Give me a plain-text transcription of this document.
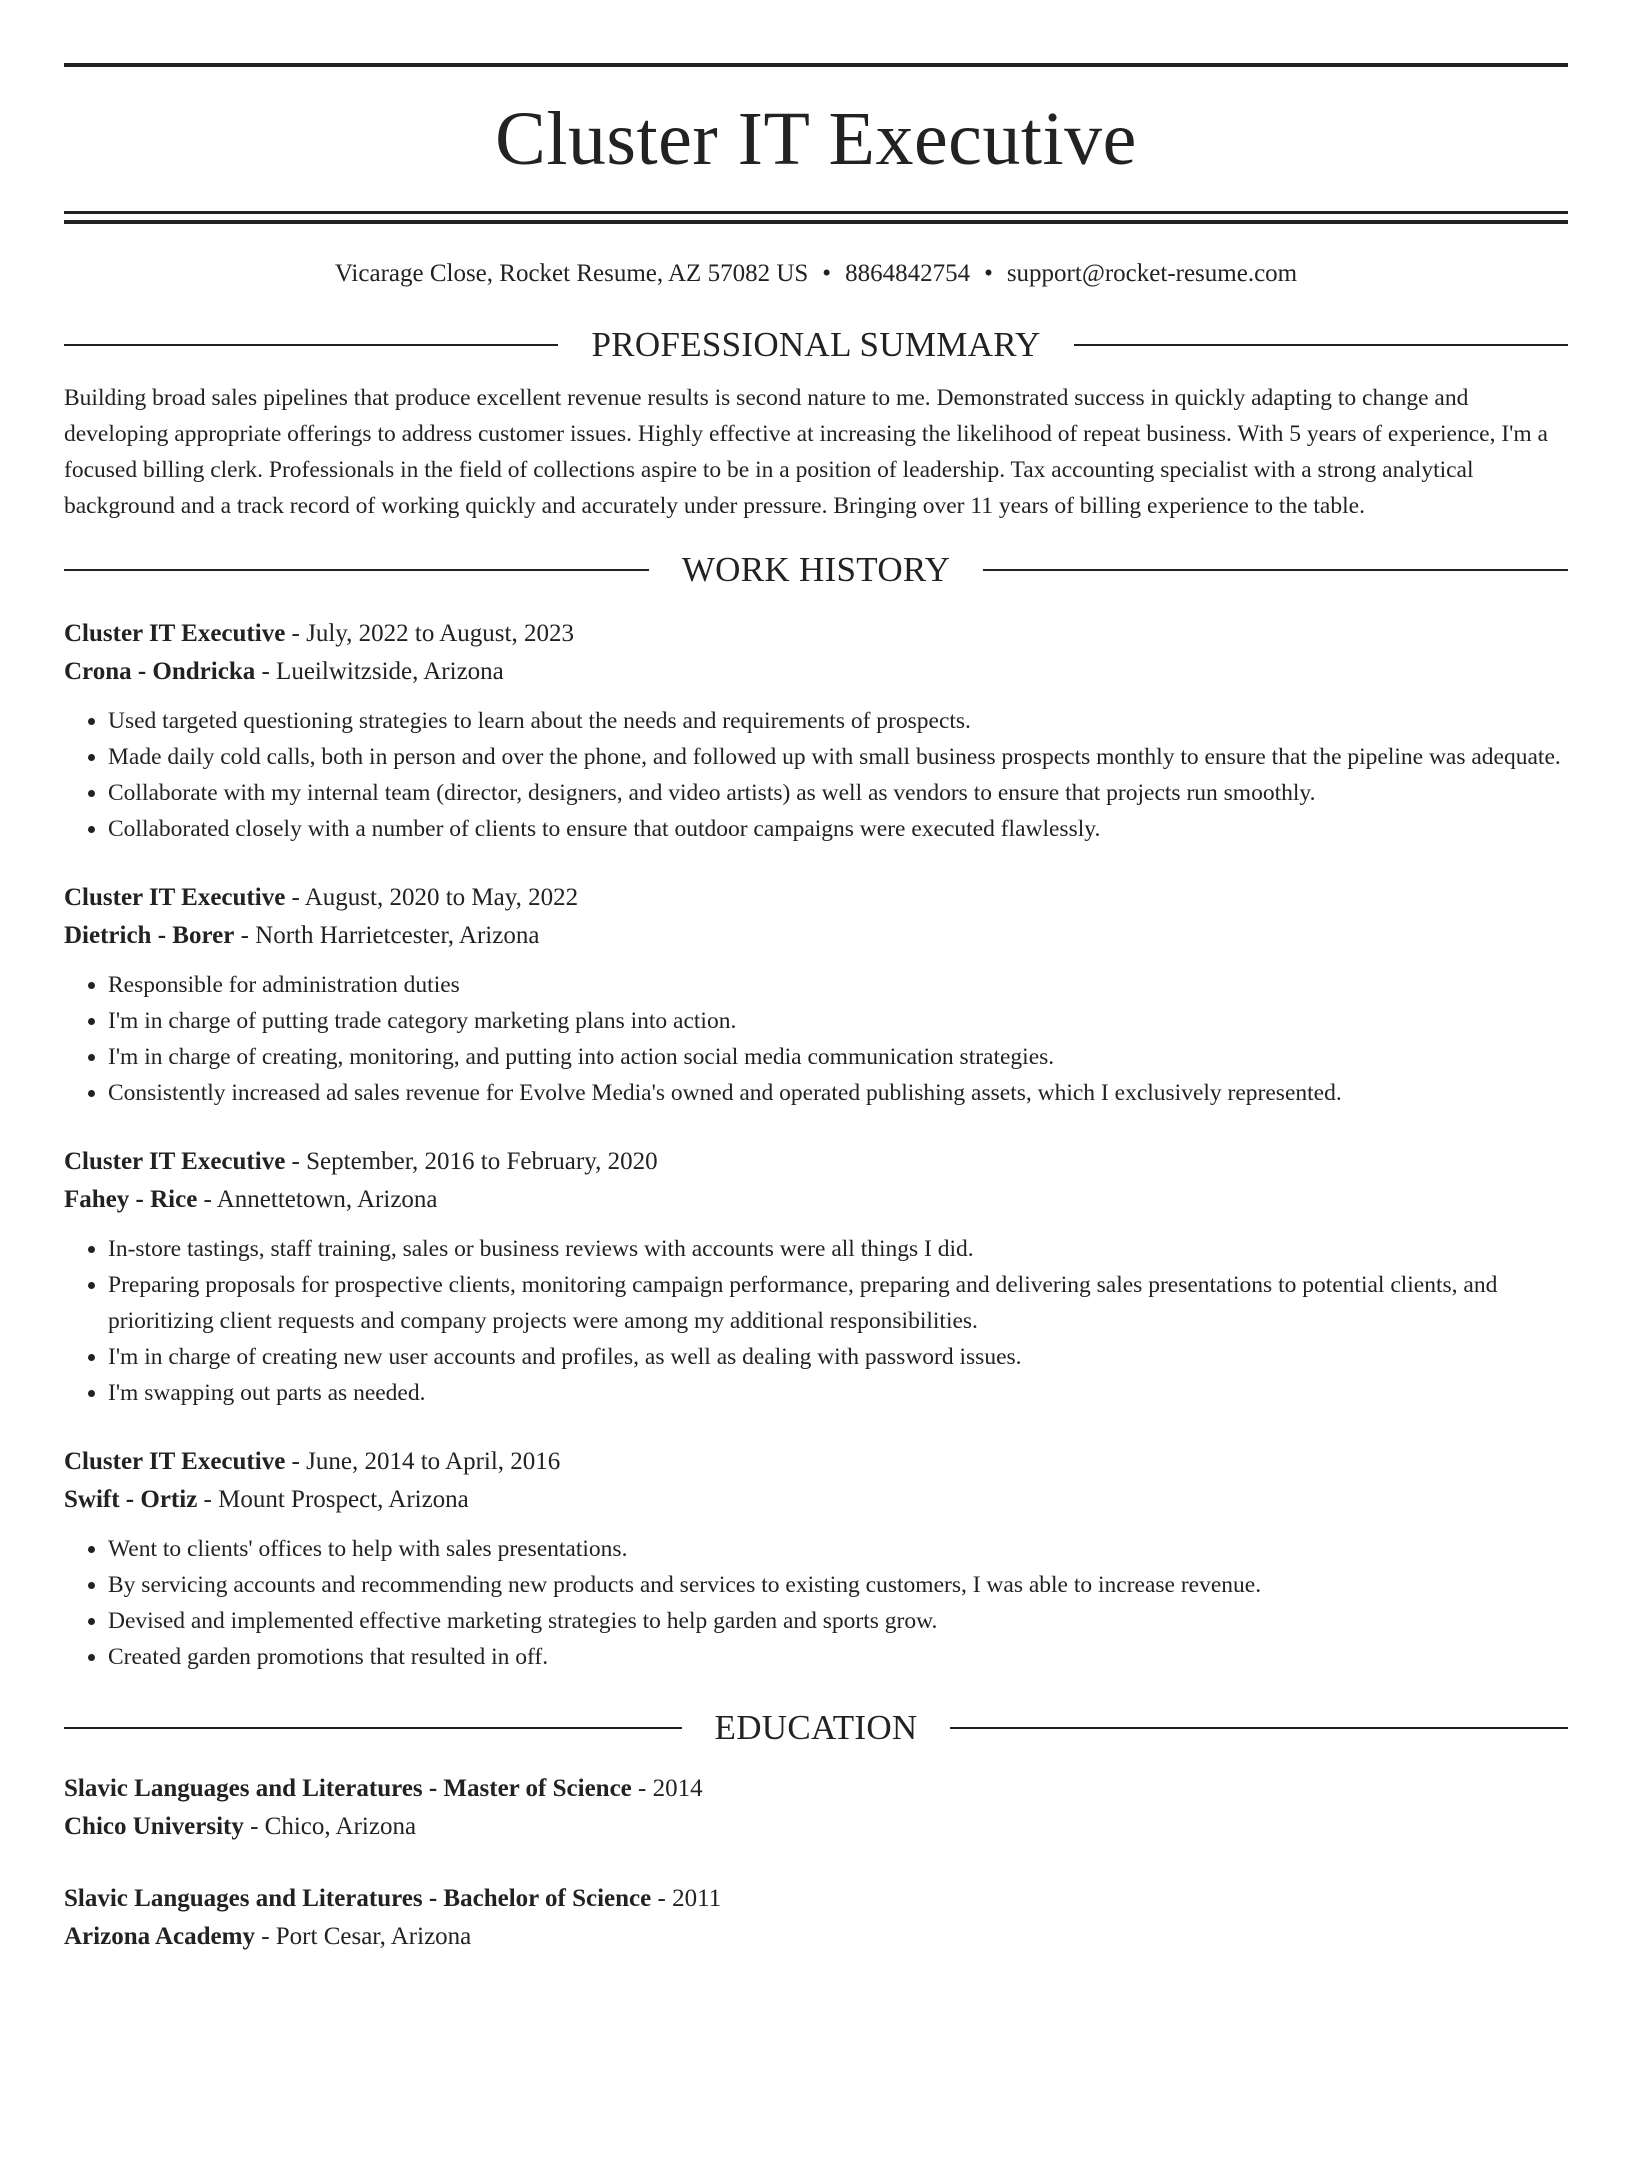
Cluster IT Executive
Vicarage Close, Rocket Resume, AZ 57082 US • 8864842754 • support@rocket-resume.com
PROFESSIONAL SUMMARY
Building broad sales pipelines that produce excellent revenue results is second nature to me. Demonstrated success in quickly adapting to change and developing appropriate offerings to address customer issues. Highly effective at increasing the likelihood of repeat business. With 5 years of experience, I'm a focused billing clerk. Professionals in the field of collections aspire to be in a position of leadership. Tax accounting specialist with a strong analytical background and a track record of working quickly and accurately under pressure. Bringing over 11 years of billing experience to the table.
WORK HISTORY
Cluster IT Executive - July, 2022 to August, 2023
Crona - Ondricka - Lueilwitzside, Arizona
• Used targeted questioning strategies to learn about the needs and requirements of prospects.
• Made daily cold calls, both in person and over the phone, and followed up with small business prospects monthly to ensure that the pipeline was adequate.
• Collaborate with my internal team (director, designers, and video artists) as well as vendors to ensure that projects run smoothly.
• Collaborated closely with a number of clients to ensure that outdoor campaigns were executed flawlessly.
Cluster IT Executive - August, 2020 to May, 2022
Dietrich - Borer - North Harrietcester, Arizona
• Responsible for administration duties
• I'm in charge of putting trade category marketing plans into action.
• I'm in charge of creating, monitoring, and putting into action social media communication strategies.
• Consistently increased ad sales revenue for Evolve Media's owned and operated publishing assets, which I exclusively represented.
Cluster IT Executive - September, 2016 to February, 2020
Fahey - Rice - Annettetown, Arizona
• In-store tastings, staff training, sales or business reviews with accounts were all things I did.
• Preparing proposals for prospective clients, monitoring campaign performance, preparing and delivering sales presentations to potential clients, and prioritizing client requests and company projects were among my additional responsibilities.
• I'm in charge of creating new user accounts and profiles, as well as dealing with password issues.
• I'm swapping out parts as needed.
Cluster IT Executive - June, 2014 to April, 2016
Swift - Ortiz - Mount Prospect, Arizona
• Went to clients' offices to help with sales presentations.
• By servicing accounts and recommending new products and services to existing customers, I was able to increase revenue.
• Devised and implemented effective marketing strategies to help garden and sports grow.
• Created garden promotions that resulted in off.
EDUCATION
Slavic Languages and Literatures - Master of Science - 2014
Chico University - Chico, Arizona
Slavic Languages and Literatures - Bachelor of Science - 2011
Arizona Academy - Port Cesar, Arizona
